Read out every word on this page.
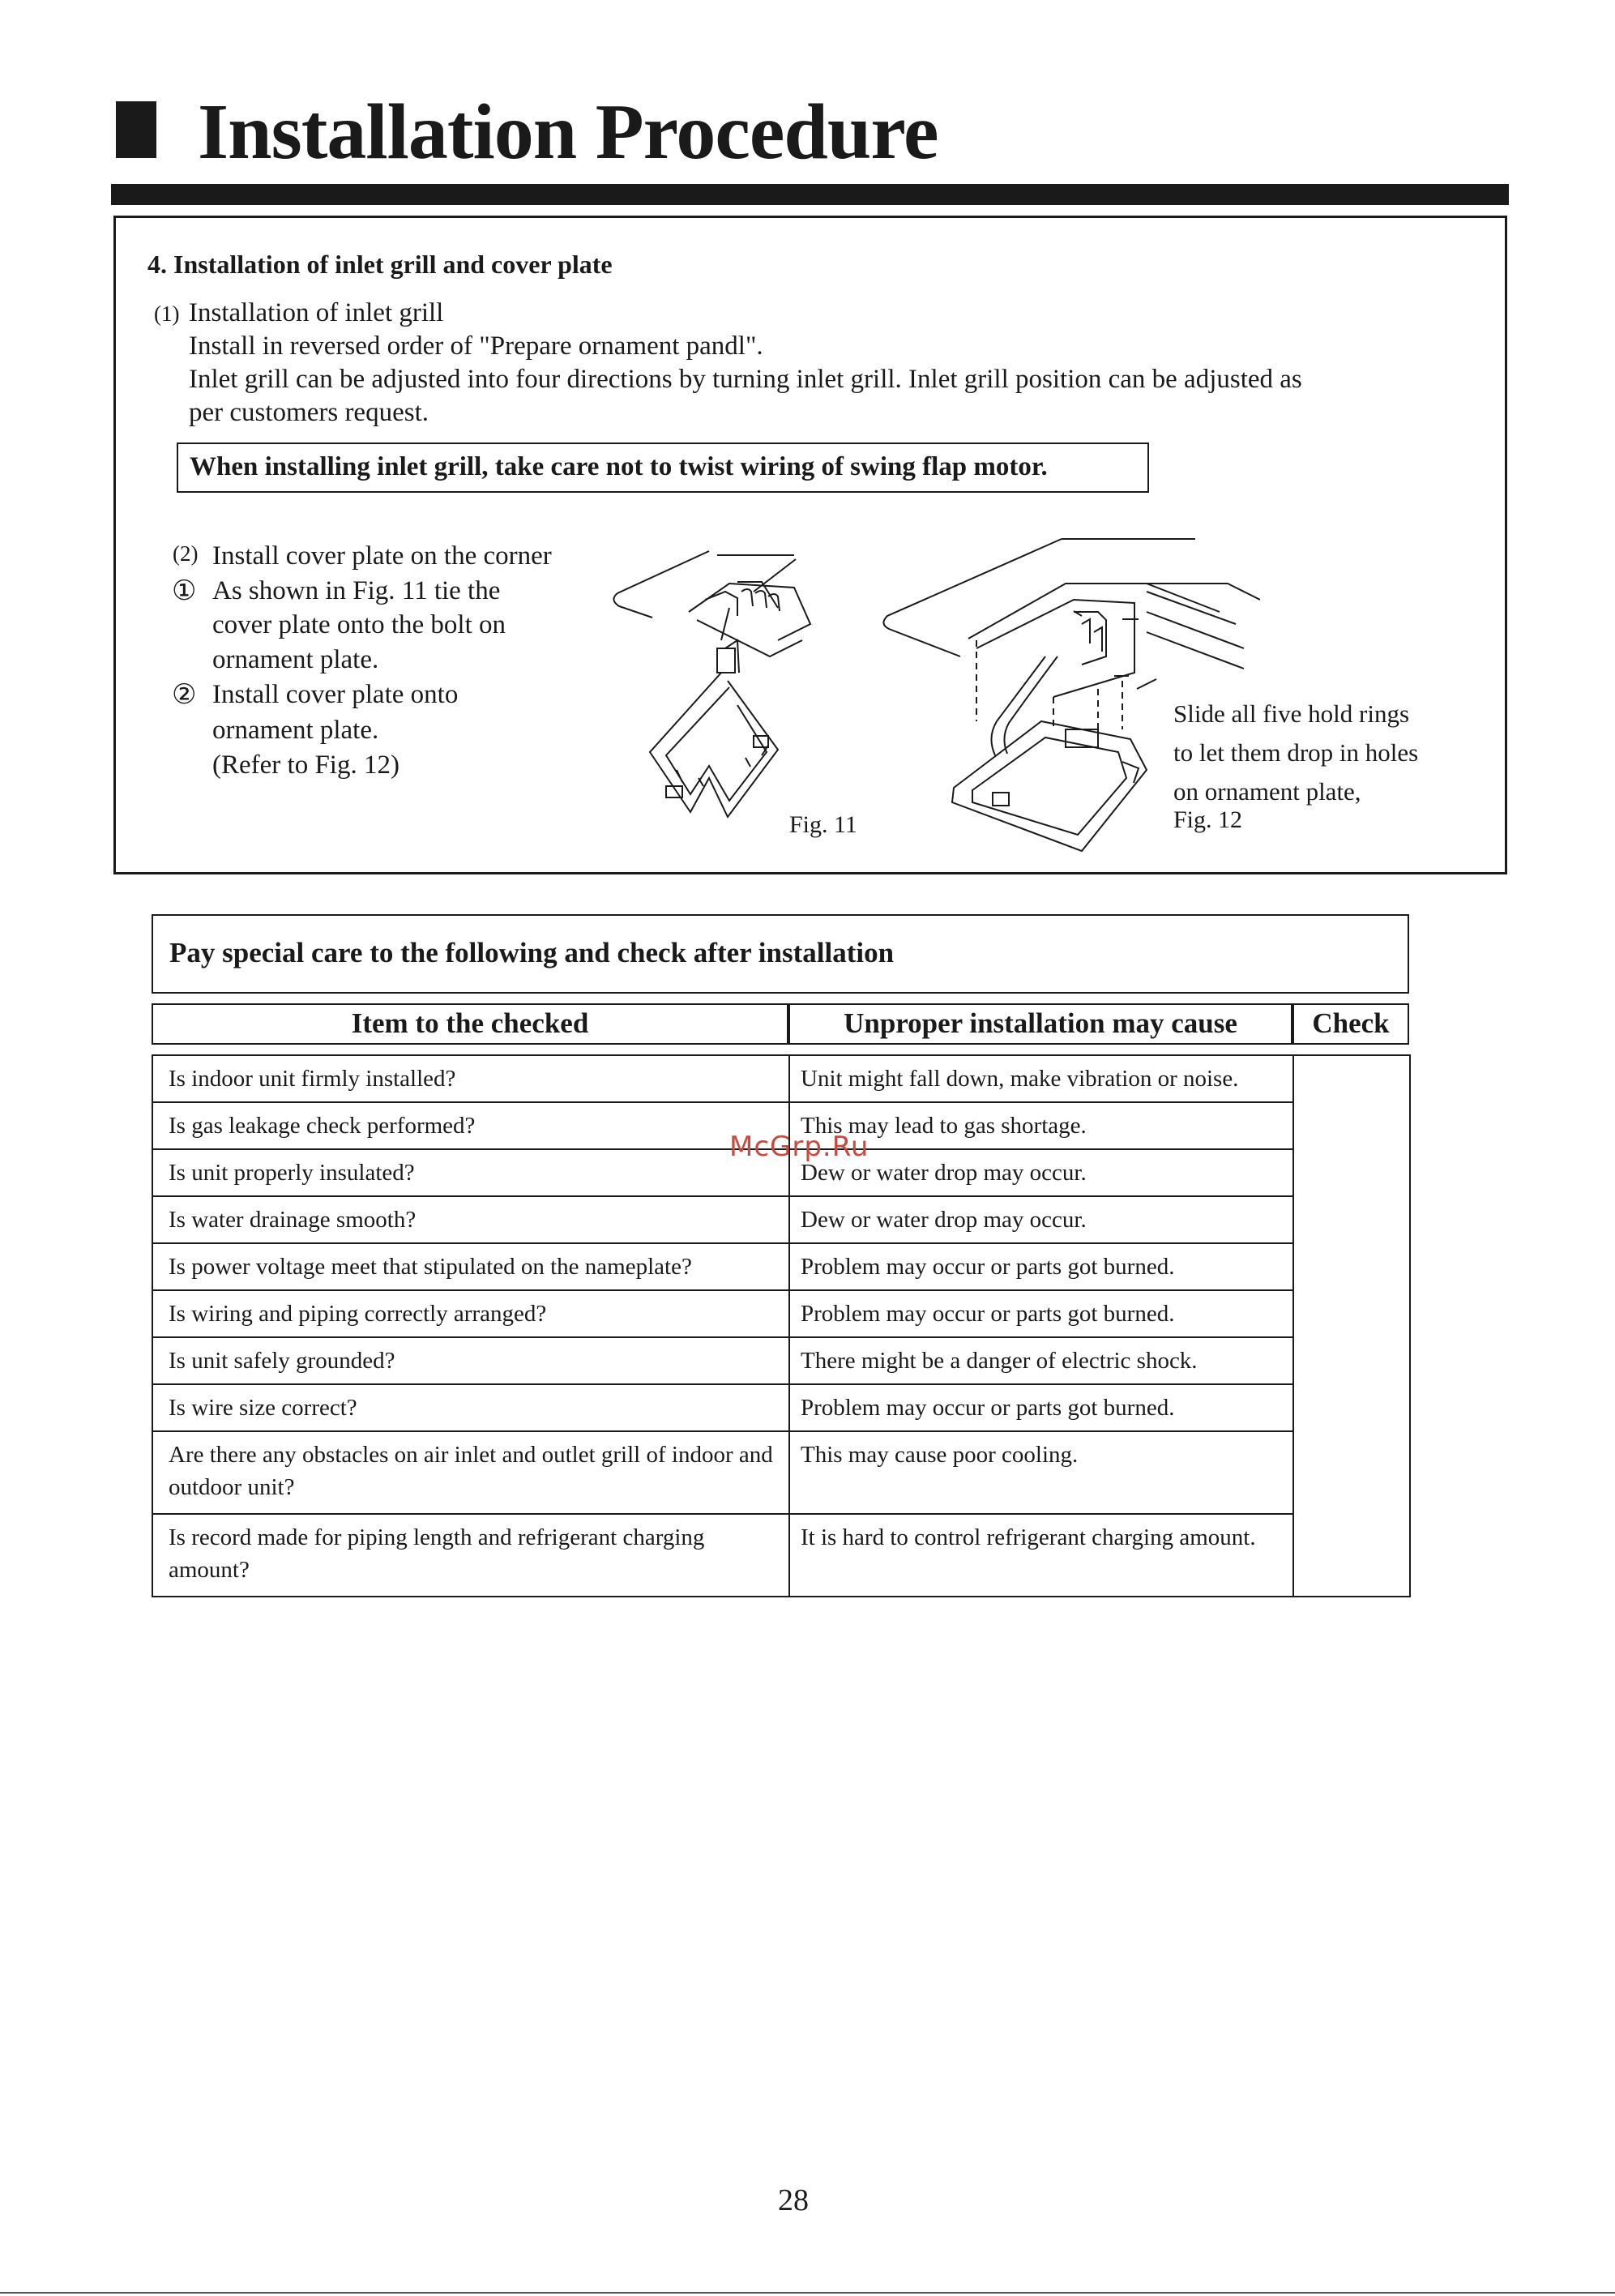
Installation Procedure
4. Installation of inlet grill and cover plate
(1) Installation of inlet grill
Install in reversed order of "Prepare ornament pandl".
Inlet grill can be adjusted into four directions by turning inlet grill. Inlet grill position can be adjusted as
per customers request.
When installing inlet grill, take care not to twist wiring of swing flap motor.
(2) Install cover plate on the corner
① As shown in Fig. 11 tie the
cover plate onto the bolt on
ornament plate.
② Install cover plate onto
ornament plate.
(Refer to Fig. 12)
Fig. 11
Slide all five hold rings
to let them drop in holes
on ornament plate,
Fig. 12
Pay special care to the following and check after installation
Item to the checked	Unproper installation may cause	Check
Is indoor unit firmly installed?	Unit might fall down, make vibration or noise.	
Is gas leakage check performed?	This may lead to gas shortage.	
Is unit properly insulated?	Dew or water drop may occur.	
Is water drainage smooth?	Dew or water drop may occur.	
Is power voltage meet that stipulated on the nameplate?	Problem may occur or parts got burned.	
Is wiring and piping correctly arranged?	Problem may occur or parts got burned.	
Is unit safely grounded?	There might be a danger of electric shock.	
Is wire size correct?	Problem may occur or parts got burned.	
Are there any obstacles on air inlet and outlet grill of indoor and outdoor unit?	This may cause poor cooling.	
Is record made for piping length and refrigerant charging amount?	It is hard to control refrigerant charging amount.	
McGrp.Ru
28
